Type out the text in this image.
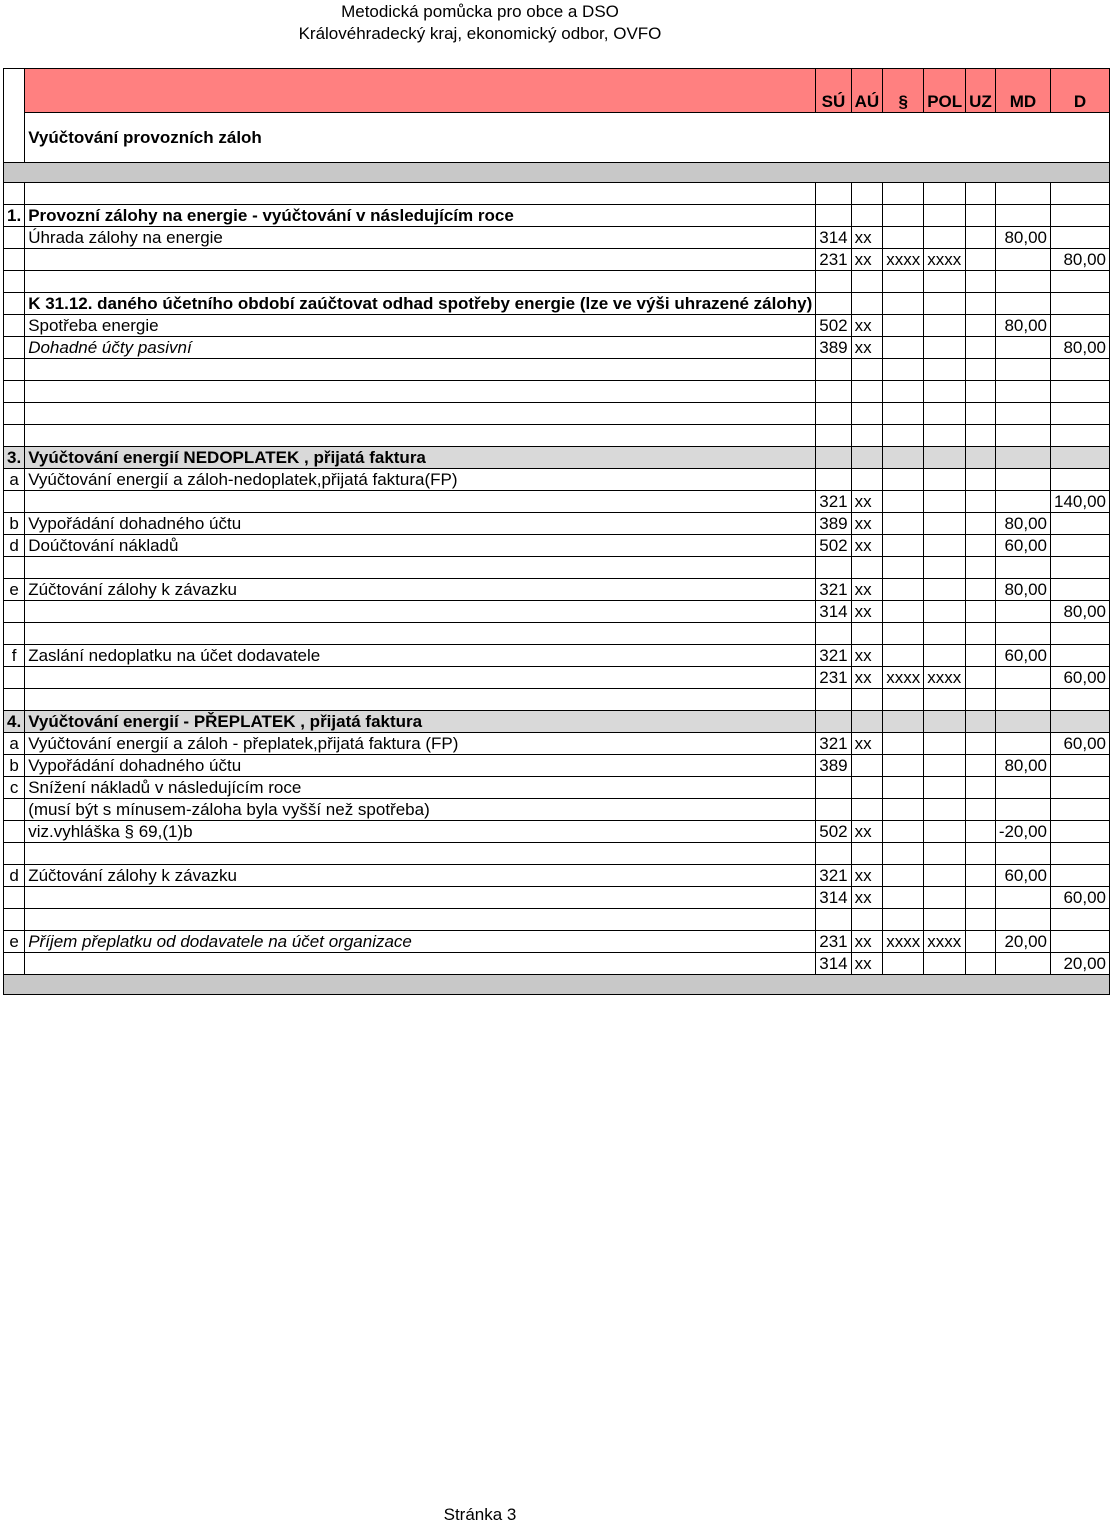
Metodická pomůcka pro obce a DSO
Královéhradecký kraj, ekonomický odbor, OVFO
		SÚ	AÚ	§	POL	UZ	MD	D
	Vyúčtování provozních záloh							

1.	Provozní zálohy na energie - vyúčtování v následujícím roce							
	Úhrada zálohy na energie	314	xx				80,00	
		231	xx	xxxx	xxxx			80,00

	K 31.12. daného účetního období zaúčtovat odhad spotřeby energie (lze ve výši uhrazené zálohy)							
	Spotřeba energie	502	xx				80,00	
	Dohadné účty pasivní	389	xx					80,00

3.	Vyúčtování energií NEDOPLATEK , přijatá faktura							
a	Vyúčtování energií a záloh-nedoplatek,přijatá faktura(FP)							
		321	xx					140,00
b	Vypořádání dohadného účtu	389	xx				80,00	
d	Doúčtování nákladů	502	xx				60,00	

e	Zúčtování zálohy k závazku	321	xx				80,00	
		314	xx					80,00

f	Zaslání nedoplatku na účet dodavatele	321	xx				60,00	
		231	xx	xxxx	xxxx			60,00

4.	Vyúčtování energií - PŘEPLATEK , přijatá faktura							
a	Vyúčtování energií a záloh - přeplatek,přijatá faktura (FP)	321	xx					60,00
b	Vypořádání dohadného účtu	389					80,00	
c	Snížení nákladů v následujícím roce							
	(musí být s mínusem-záloha byla vyšší než spotřeba)							
	viz.vyhláška § 69,(1)b	502	xx				-20,00	

d	Zúčtování zálohy k závazku	321	xx				60,00	
		314	xx					60,00

e	Příjem přeplatku od dodavatele na účet organizace	231	xx	xxxx	xxxx		20,00	
		314	xx					20,00

Stránka 3
